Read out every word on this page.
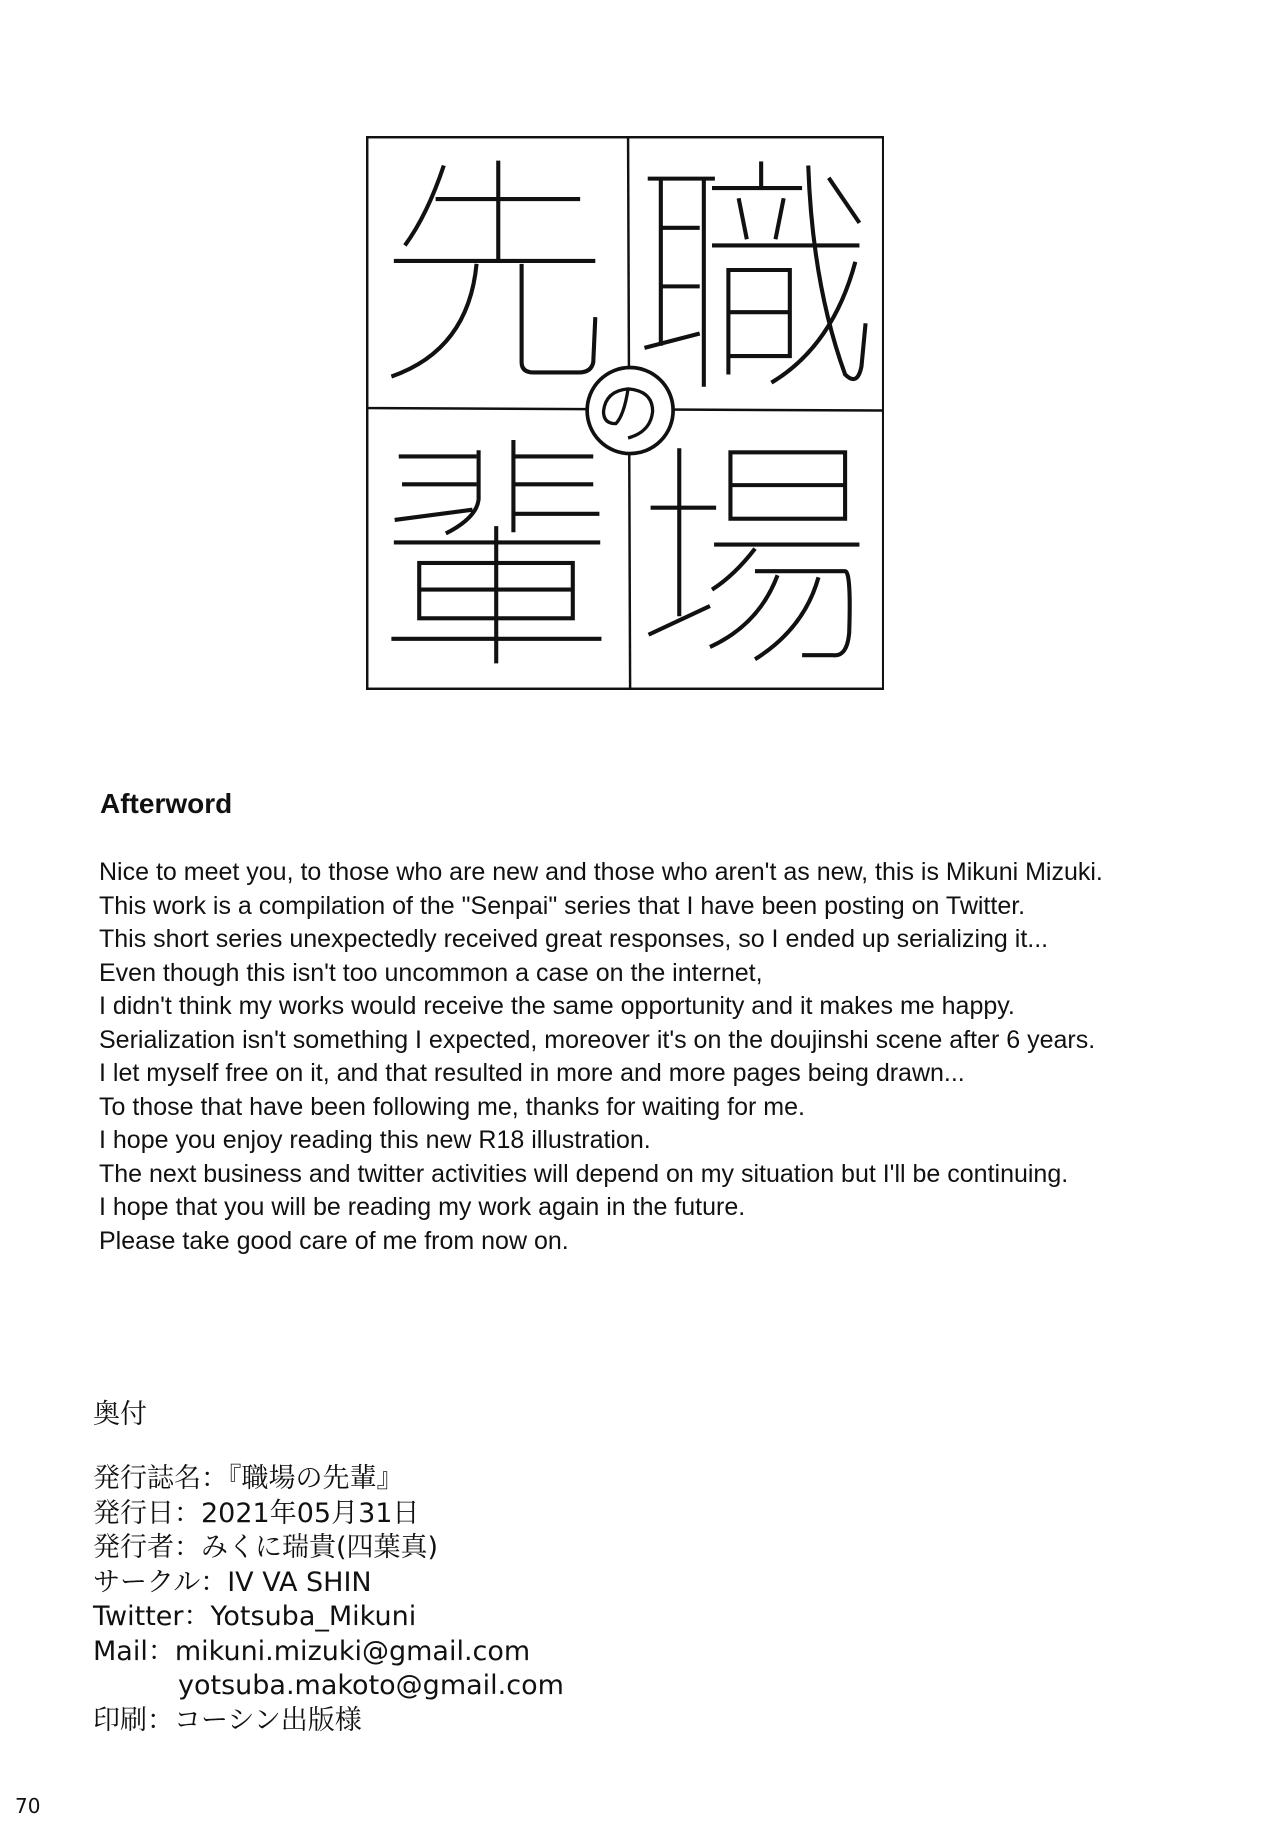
Afterword
Nice to meet you, to those who are new and those who aren't as new, this is Mikuni Mizuki.
This work is a compilation of the "Senpai" series that I have been posting on Twitter.
This short series unexpectedly received great responses, so I ended up serializing it...
Even though this isn't too uncommon a case on the internet,
I didn't think my works would receive the same opportunity and it makes me happy.
Serialization isn't something I expected, moreover it's on the doujinshi scene after 6 years.
I let myself free on it, and that resulted in more and more pages being drawn...
To those that have been following me, thanks for waiting for me.
I hope you enjoy reading this new R18 illustration.
The next business and twitter activities will depend on my situation but I'll be continuing.
I hope that you will be reading my work again in the future.
Please take good care of me from now on.
奥付
発行誌名：『職場の先輩』
発行日：2021年05月31日
発行者：みくに瑞貴(四葉真)
サークル：IV VA SHIN
Twitter：Yotsuba_Mikuni
Mail：mikuni.mizuki@gmail.com
yotsuba.makoto@gmail.com
印刷：コーシン出版様
70
